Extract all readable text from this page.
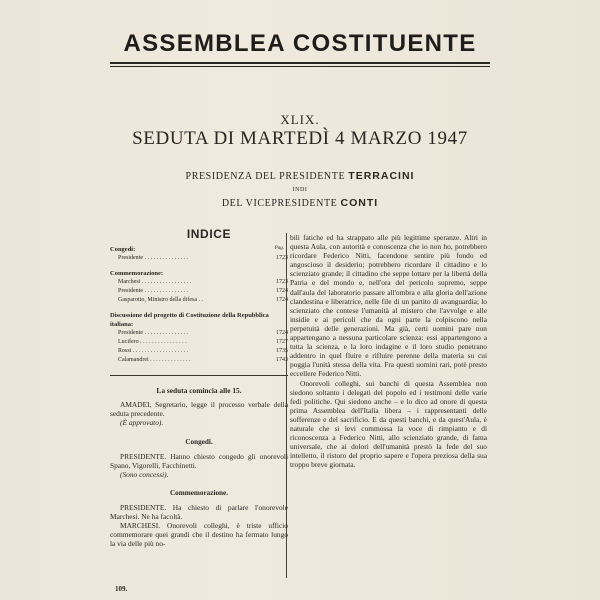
ASSEMBLEA COSTITUENTE
XLIX.
SEDUTA DI MARTEDÌ 4 MARZO 1947
PRESIDENZA DEL PRESIDENTE TERRACINI
INDI
DEL VICEPRESIDENTE CONTI
INDICE
Pag.
Congedi:
Presidente . . . . . . . . . . . . . . .	1723
Commemorazione:
Marchesi . . . . . . . . . . . . . . . . .	1723
Presidente . . . . . . . . . . . . . . .	1724
Gasparotto, Ministro della difesa . .	1724
Discussione del progetto di Costituzione della Repubblica italiana:
Presidente . . . . . . . . . . . . . . .	1724
Lucifero . . . . . . . . . . . . . . . .	1727
Rossi . . . . . . . . . . . . . . . . . . .	1735
Calamandrei . . . . . . . . . . . . . .	1743
La seduta comincia alle 15.

AMADEI, Segretario, legge il processo verbale della seduta precedente.

(È approvato).

Congedi.

PRESIDENTE. Hanno chiesto congedo gli onorevoli Spano, Vigorelli, Facchinetti.

(Sono concessi).

Commemorazione.

PRESIDENTE. Ha chiesto di parlare l'onorevole Marchesi. Ne ha facoltà.

MARCHESI. Onorevoli colleghi, è triste ufficio commemorare quei grandi che il destino ha fermato lungo la via delle più no-

bili fatiche ed ha strappato alle più legittime speranze. Altri in questa Aula, con autorità e conoscenza che io non ho, potrebbero ricordare Federico Nitti, facendone sentire più fondo ed angoscioso il desiderio; potrebbero ricordare il cittadino e lo scienziato grande; il cittadino che seppe lottare per la libertà della Patria e del mondo e, nell'ora del pericolo supremo, seppe dall'aula del laboratorio passare all'ombra e alla gloria dell'azione clandestina e liberatrice, nelle file di un partito di avanguardia; lo scienziato che contese l'umanità al mistero che l'avvolge e alle insidie e ai pericoli che da ogni parte la colpiscono nella perpetuità delle generazioni. Ma già, certi uomini pare non appartengano a nessuna particolare scienza: essi appartengono a tutta la scienza, e la loro indagine e il loro studio penetrano addentro in quel fluire e rifluire perenne della materia su cui poggia l'unità stessa della vita. Fra questi uomini rari, potè presto eccellere Federico Nitti.

Onorevoli colleghi, sui banchi di questa Assemblea non siedono soltanto i delegati del popolo ed i testimoni delle varie fedi politiche. Qui siedono anche – e lo dico ad onore di questa prima Assemblea dell'Italia libera – i rappresentanti delle sofferenze e del sacrificio. E da questi banchi, e da quest'Aula, è naturale che si levi commossa la voce di rimpianto e di riconoscenza a Federico Nitti, allo scienziato grande, di fama universale, che ai dolori dell'umanità prestò la fede del suo intelletto, il ristoro del proprio sapere e l'opera preziosa della sua troppo breve giornata.

109.
